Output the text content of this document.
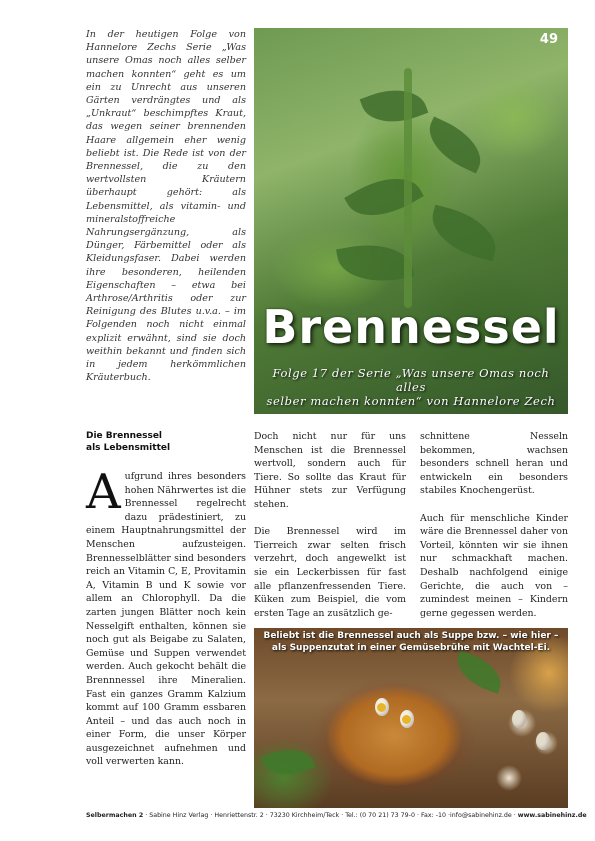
In der heutigen Folge von Hannelore Zechs Serie „Was unsere Omas noch alles selber machen konnten“ geht es um ein zu Unrecht aus unseren Gärten verdrängtes und als „Unkraut“ beschimpftes Kraut, das wegen seiner brennenden Haare allgemein eher wenig beliebt ist. Die Rede ist von der Brennessel, die zu den wertvollsten Kräutern überhaupt gehört: als Lebensmittel, als vitamin- und mineralstoffreiche Nahrungsergänzung, als Dünger, Färbemittel oder als Kleidungsfaser. Dabei werden ihre besonderen, heilenden Eigenschaften – etwa bei Arthrose/Arthritis oder zur Reinigung des Blutes u.v.a. – im Folgenden noch nicht einmal explizit erwähnt, sind sie doch weithin bekannt und finden sich in jedem herkömmlichen Kräuterbuch.
49
Brennessel
Folge 17 der Serie „Was unsere Omas noch alles
selber machen konnten“ von Hannelore Zech
Die Brennessel
als Lebensmittel
Aufgrund ihres besonders hohen Nährwertes ist die Brennessel regelrecht dazu prädestiniert, zu einem Hauptnahrungsmittel der Menschen aufzusteigen. Brennesselblätter sind besonders reich an Vitamin C, E, Provitamin A, Vitamin B und K sowie vor allem an Chlorophyll. Da die zarten jungen Blätter noch kein Nesselgift enthalten, können sie noch gut als Beigabe zu Salaten, Gemüse und Suppen verwendet werden. Auch gekocht behält die Brennnessel ihre Mineralien. Fast ein ganzes Gramm Kalzium kommt auf 100 Gramm essbaren Anteil – und das auch noch in einer Form, die unser Körper ausgezeichnet aufnehmen und voll verwerten kann.

Doch nicht nur für uns Menschen ist die Brennessel wertvoll, sondern auch für Tiere. So sollte das Kraut für Hühner stets zur Verfügung stehen.

Die Brennessel wird im Tierreich zwar selten frisch verzehrt, doch angewelkt ist sie ein Leckerbissen für fast alle pflanzenfressenden Tiere. Küken zum Beispiel, die vom ersten Tage an zusätzlich ge-

schnittene Nesseln bekommen, wachsen besonders schnell heran und entwickeln ein besonders stabiles Knochengerüst.

Auch für menschliche Kinder wäre die Brennessel daher von Vorteil, könnten wir sie ihnen nur schmackhaft machen. Deshalb nachfolgend einige Gerichte, die auch von – zumindest meinen – Kindern gerne gegessen werden.

Beliebt ist die Brennessel auch als Suppe bzw. – wie hier –
als Suppenzutat in einer Gemüsebrühe mit Wachtel-Ei.
Selbermachen 2 · Sabine Hinz Verlag · Henriettenstr. 2 · 73230 Kirchheim/Teck · Tel.: (0 70 21) 73 79-0 · Fax: -10 ·info@sabinehinz.de · www.sabinehinz.de
